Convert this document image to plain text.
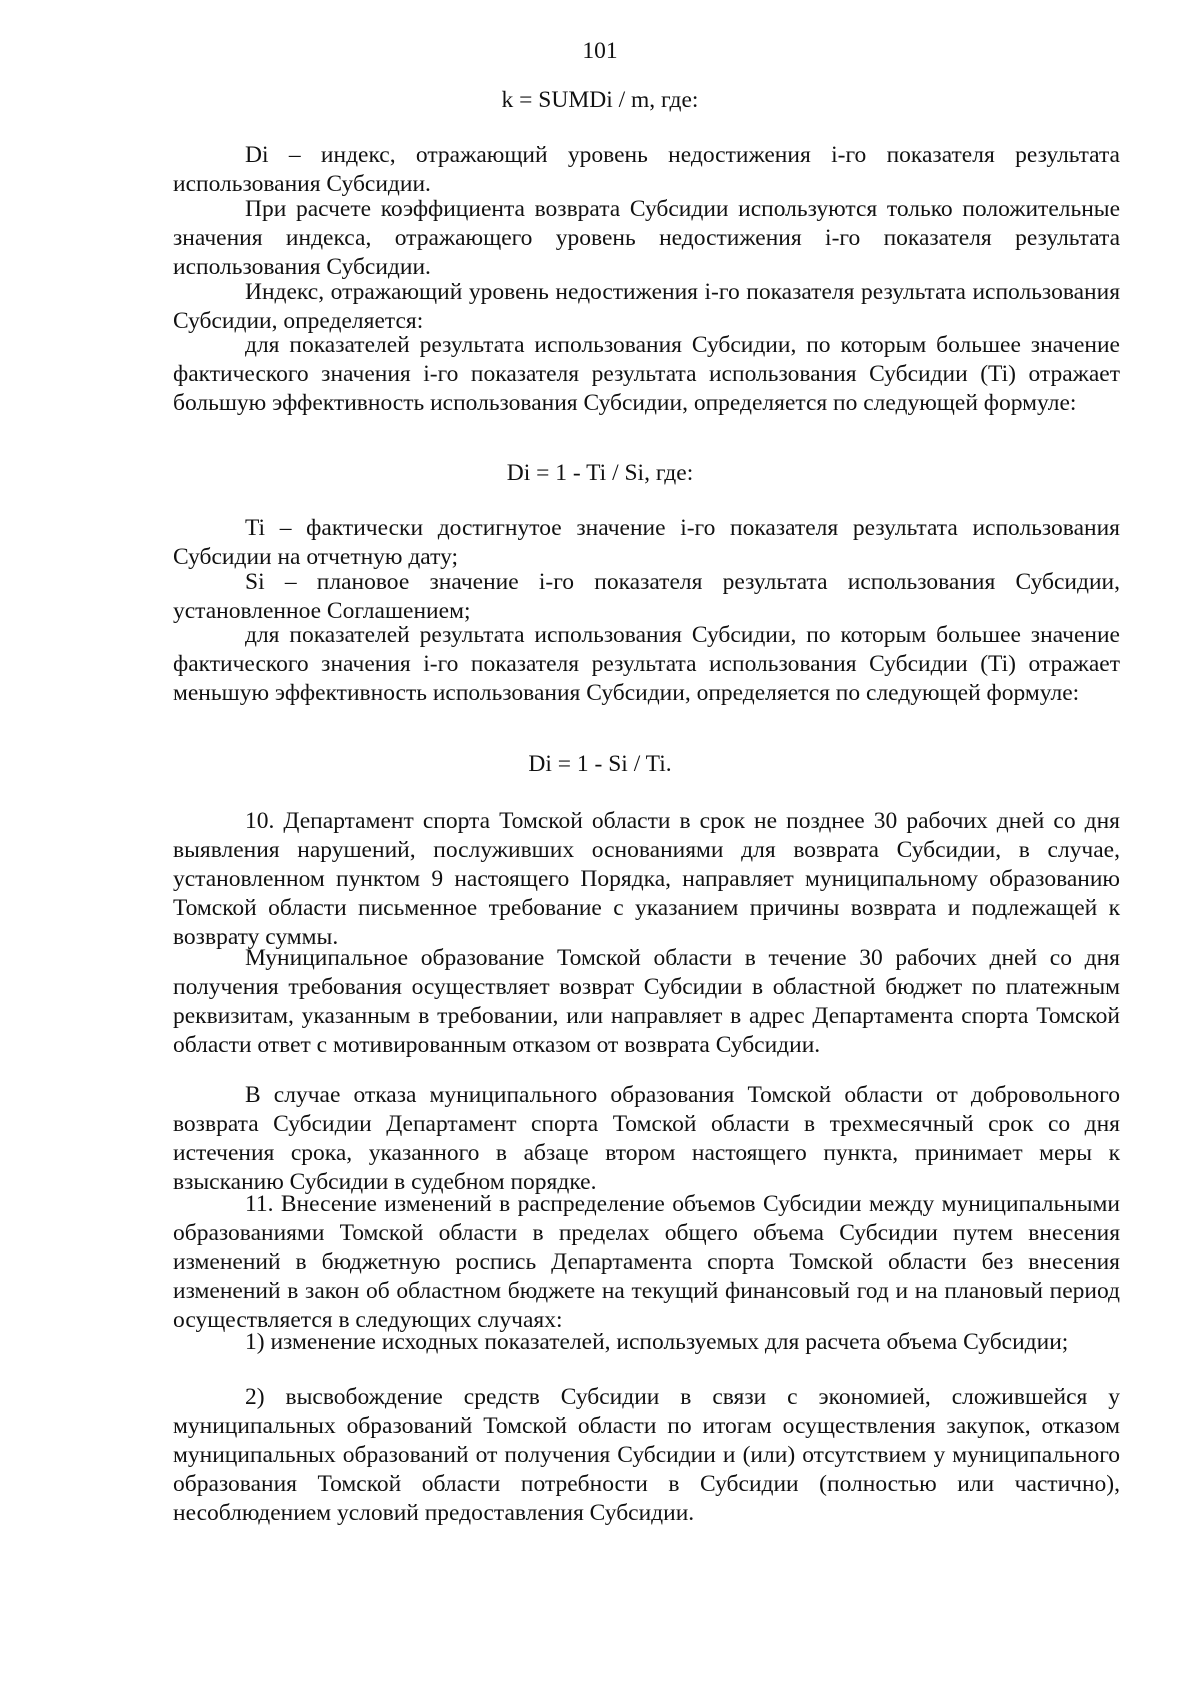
101
k = SUMDi / m, где:

Di – индекс, отражающий уровень недостижения i-го показателя результата использования Субсидии.

При расчете коэффициента возврата Субсидии используются только положительные значения индекса, отражающего уровень недостижения i-го показателя результата использования Субсидии.

Индекс, отражающий уровень недостижения i-го показателя результата использования Субсидии, определяется:

для показателей результата использования Субсидии, по которым большее значение фактического значения i-го показателя результата использования Субсидии (Ti) отражает большую эффективность использования Субсидии, определяется по следующей формуле:

Di = 1 - Ti / Si, где:

Ti – фактически достигнутое значение i-го показателя результата использования Субсидии на отчетную дату;

Si – плановое значение i-го показателя результата использования Субсидии, установленное Соглашением;

для показателей результата использования Субсидии, по которым большее значение фактического значения i-го показателя результата использования Субсидии (Ti) отражает меньшую эффективность использования Субсидии, определяется по следующей формуле:

Di = 1 - Si / Ti.

10. Департамент спорта Томской области в срок не позднее 30 рабочих дней со дня выявления нарушений, послуживших основаниями для возврата Субсидии, в случае, установленном пунктом 9 настоящего Порядка, направляет муниципальному образованию Томской области письменное требование с указанием причины возврата и подлежащей к возврату суммы.

Муниципальное образование Томской области в течение 30 рабочих дней со дня получения требования осуществляет возврат Субсидии в областной бюджет по платежным реквизитам, указанным в требовании, или направляет в адрес Департамента спорта Томской области ответ с мотивированным отказом от возврата Субсидии.

В случае отказа муниципального образования Томской области от добровольного возврата Субсидии Департамент спорта Томской области в трехмесячный срок со дня истечения срока, указанного в абзаце втором настоящего пункта, принимает меры к взысканию Субсидии в судебном порядке.

11. Внесение изменений в распределение объемов Субсидии между муниципальными образованиями Томской области в пределах общего объема Субсидии путем внесения изменений в бюджетную роспись Департамента спорта Томской области без внесения изменений в закон об областном бюджете на текущий финансовый год и на плановый период осуществляется в следующих случаях:

1) изменение исходных показателей, используемых для расчета объема Субсидии;

2) высвобождение средств Субсидии в связи с экономией, сложившейся у муниципальных образований Томской области по итогам осуществления закупок, отказом муниципальных образований от получения Субсидии и (или) отсутствием у муниципального образования Томской области потребности в Субсидии (полностью или частично), несоблюдением условий предоставления Субсидии.
